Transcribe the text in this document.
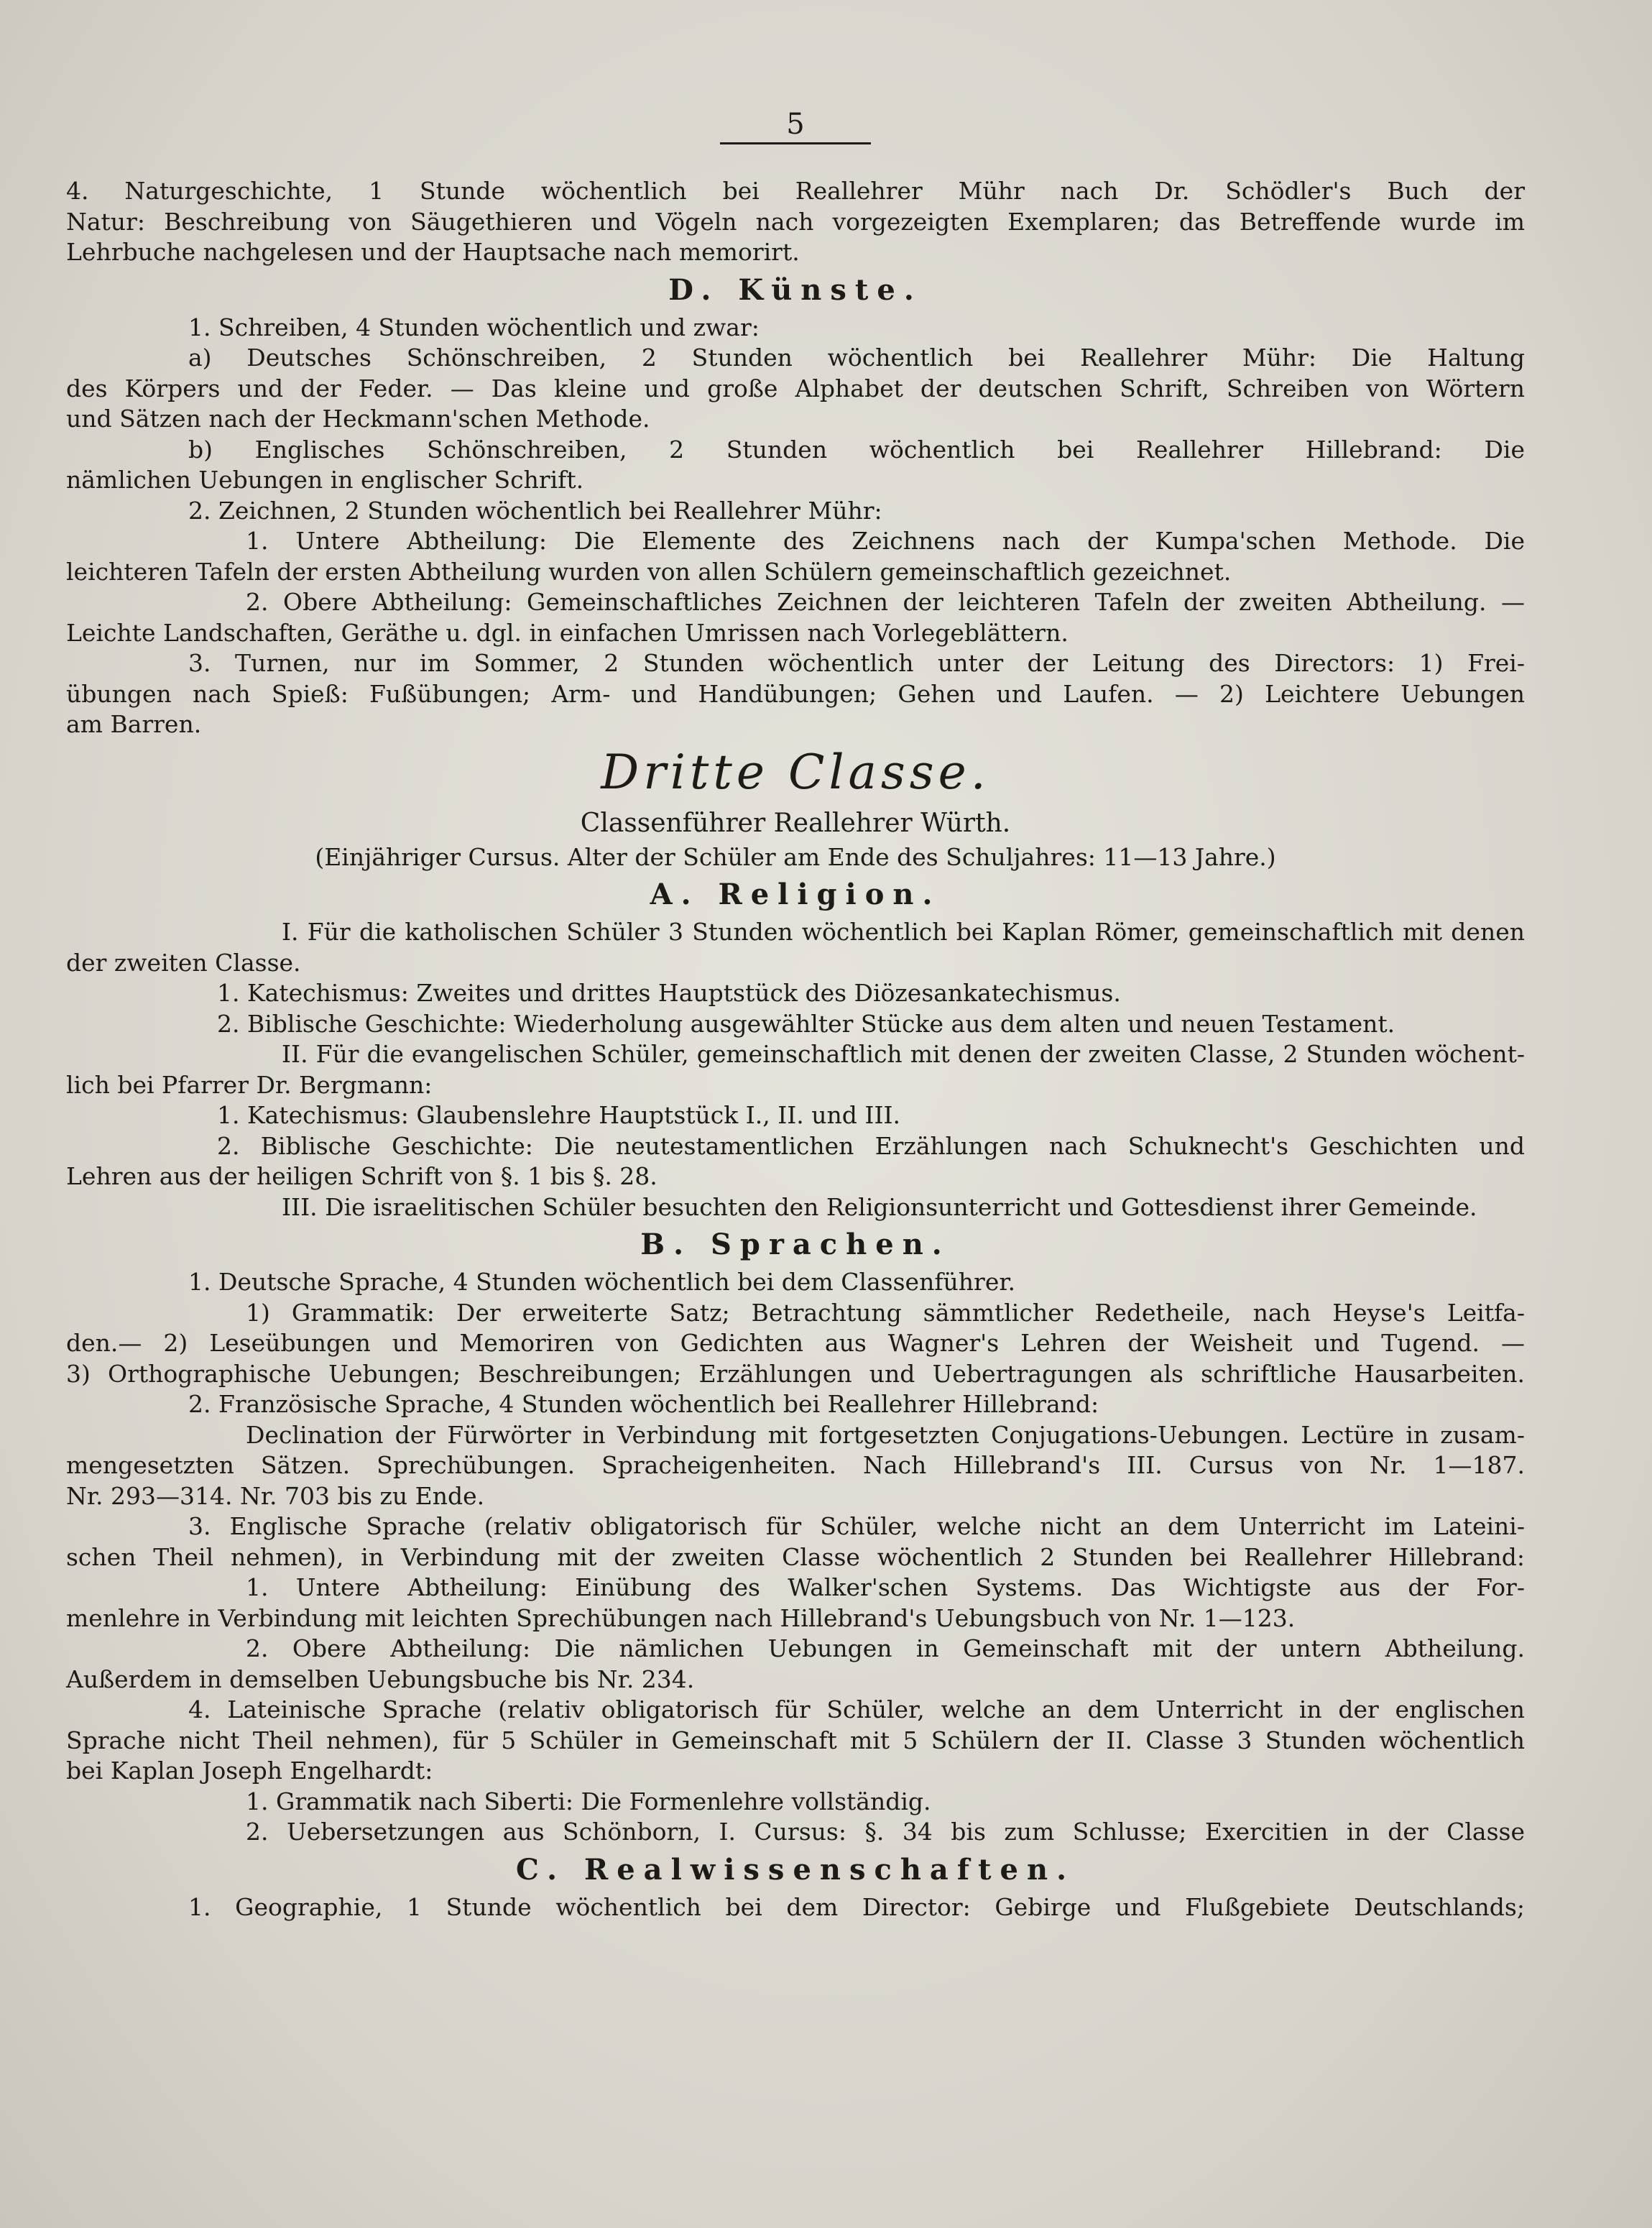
5
4. Naturgeschichte, 1 Stunde wöchentlich bei Reallehrer Mühr nach Dr. Schödler's Buch der
Natur: Beschreibung von Säugethieren und Vögeln nach vorgezeigten Exemplaren; das Betreffende wurde im
Lehrbuche nachgelesen und der Hauptsache nach memorirt.
D. Künste.
1. Schreiben, 4 Stunden wöchentlich und zwar:
a) Deutsches Schönschreiben, 2 Stunden wöchentlich bei Reallehrer Mühr: Die Haltung
des Körpers und der Feder. — Das kleine und große Alphabet der deutschen Schrift, Schreiben von Wörtern
und Sätzen nach der Heckmann'schen Methode.
b) Englisches Schönschreiben, 2 Stunden wöchentlich bei Reallehrer Hillebrand: Die
nämlichen Uebungen in englischer Schrift.
2. Zeichnen, 2 Stunden wöchentlich bei Reallehrer Mühr:
1. Untere Abtheilung: Die Elemente des Zeichnens nach der Kumpa'schen Methode. Die
leichteren Tafeln der ersten Abtheilung wurden von allen Schülern gemeinschaftlich gezeichnet.
2. Obere Abtheilung: Gemeinschaftliches Zeichnen der leichteren Tafeln der zweiten Abtheilung. —
Leichte Landschaften, Geräthe u. dgl. in einfachen Umrissen nach Vorlegeblättern.
3. Turnen, nur im Sommer, 2 Stunden wöchentlich unter der Leitung des Directors: 1) Frei-
übungen nach Spieß: Fußübungen; Arm- und Handübungen; Gehen und Laufen. — 2) Leichtere Uebungen
am Barren.
Dritte Classe.
Classenführer Reallehrer Würth.
(Einjähriger Cursus. Alter der Schüler am Ende des Schuljahres: 11—13 Jahre.)
A. Religion.
I. Für die katholischen Schüler 3 Stunden wöchentlich bei Kaplan Römer, gemeinschaftlich mit denen
der zweiten Classe.
1. Katechismus: Zweites und drittes Hauptstück des Diözesankatechismus.
2. Biblische Geschichte: Wiederholung ausgewählter Stücke aus dem alten und neuen Testament.
II. Für die evangelischen Schüler, gemeinschaftlich mit denen der zweiten Classe, 2 Stunden wöchent-
lich bei Pfarrer Dr. Bergmann:
1. Katechismus: Glaubenslehre Hauptstück I., II. und III.
2. Biblische Geschichte: Die neutestamentlichen Erzählungen nach Schuknecht's Geschichten und
Lehren aus der heiligen Schrift von §. 1 bis §. 28.
III. Die israelitischen Schüler besuchten den Religionsunterricht und Gottesdienst ihrer Gemeinde.
B. Sprachen.
1. Deutsche Sprache, 4 Stunden wöchentlich bei dem Classenführer.
1) Grammatik: Der erweiterte Satz; Betrachtung sämmtlicher Redetheile, nach Heyse's Leitfa-
den.— 2) Leseübungen und Memoriren von Gedichten aus Wagner's Lehren der Weisheit und Tugend. —
3) Orthographische Uebungen; Beschreibungen; Erzählungen und Uebertragungen als schriftliche Hausarbeiten.
2. Französische Sprache, 4 Stunden wöchentlich bei Reallehrer Hillebrand:
Declination der Fürwörter in Verbindung mit fortgesetzten Conjugations-Uebungen. Lectüre in zusam-
mengesetzten Sätzen. Sprechübungen. Spracheigenheiten. Nach Hillebrand's III. Cursus von Nr. 1—187.
Nr. 293—314. Nr. 703 bis zu Ende.
3. Englische Sprache (relativ obligatorisch für Schüler, welche nicht an dem Unterricht im Lateini-
schen Theil nehmen), in Verbindung mit der zweiten Classe wöchentlich 2 Stunden bei Reallehrer Hillebrand:
1. Untere Abtheilung: Einübung des Walker'schen Systems. Das Wichtigste aus der For-
menlehre in Verbindung mit leichten Sprechübungen nach Hillebrand's Uebungsbuch von Nr. 1—123.
2. Obere Abtheilung: Die nämlichen Uebungen in Gemeinschaft mit der untern Abtheilung.
Außerdem in demselben Uebungsbuche bis Nr. 234.
4. Lateinische Sprache (relativ obligatorisch für Schüler, welche an dem Unterricht in der englischen
Sprache nicht Theil nehmen), für 5 Schüler in Gemeinschaft mit 5 Schülern der II. Classe 3 Stunden wöchentlich
bei Kaplan Joseph Engelhardt:
1. Grammatik nach Siberti: Die Formenlehre vollständig.
2. Uebersetzungen aus Schönborn, I. Cursus: §. 34 bis zum Schlusse; Exercitien in der Classe
C. Realwissenschaften.
1. Geographie, 1 Stunde wöchentlich bei dem Director: Gebirge und Flußgebiete Deutschlands;
